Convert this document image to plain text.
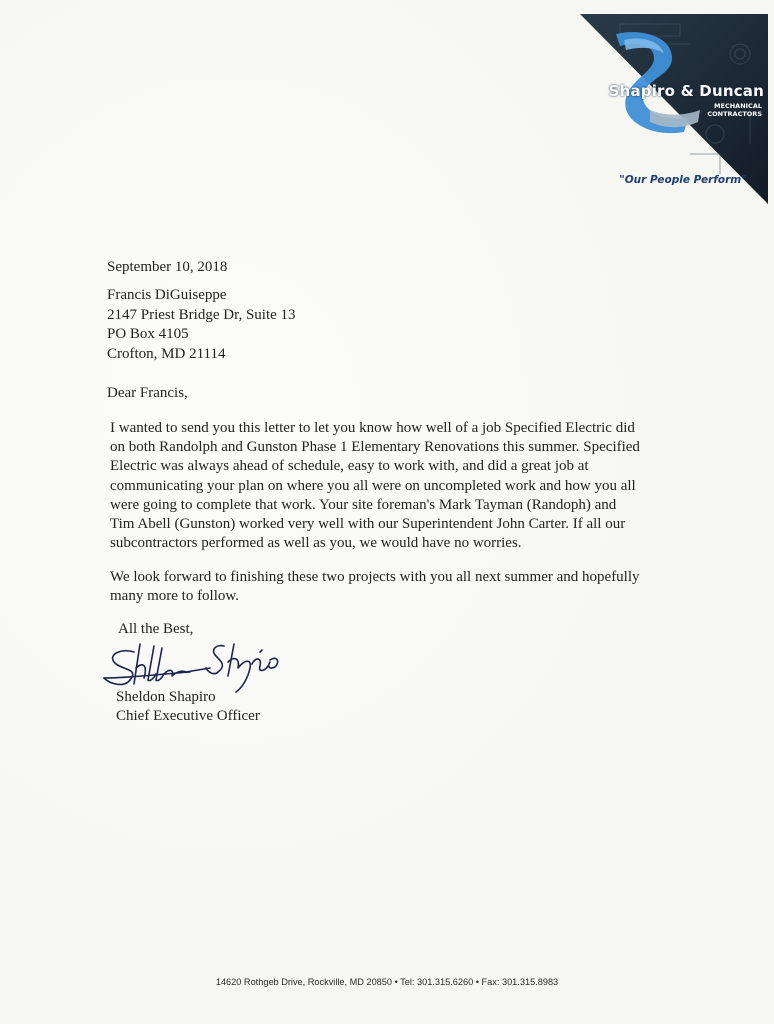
Shapiro & Duncan
MECHANICAL
CONTRACTORS
"Our People Perform"
September 10, 2018
Francis DiGuiseppe
2147 Priest Bridge Dr, Suite 13
PO Box 4105
Crofton, MD 21114
Dear Francis,
I wanted to send you this letter to let you know how well of a job Specified Electric did
on both Randolph and Gunston Phase 1 Elementary Renovations this summer. Specified
Electric was always ahead of schedule, easy to work with, and did a great job at
communicating your plan on where you all were on uncompleted work and how you all
were going to complete that work. Your site foreman's Mark Tayman (Randoph) and
Tim Abell (Gunston) worked very well with our Superintendent John Carter. If all our
subcontractors performed as well as you, we would have no worries.
We look forward to finishing these two projects with you all next summer and hopefully
many more to follow.
All the Best,
Sheldon Shapiro
Chief Executive Officer
14620 Rothgeb Drive, Rockville, MD 20850 • Tel: 301.315.6260 • Fax: 301.315.8983
